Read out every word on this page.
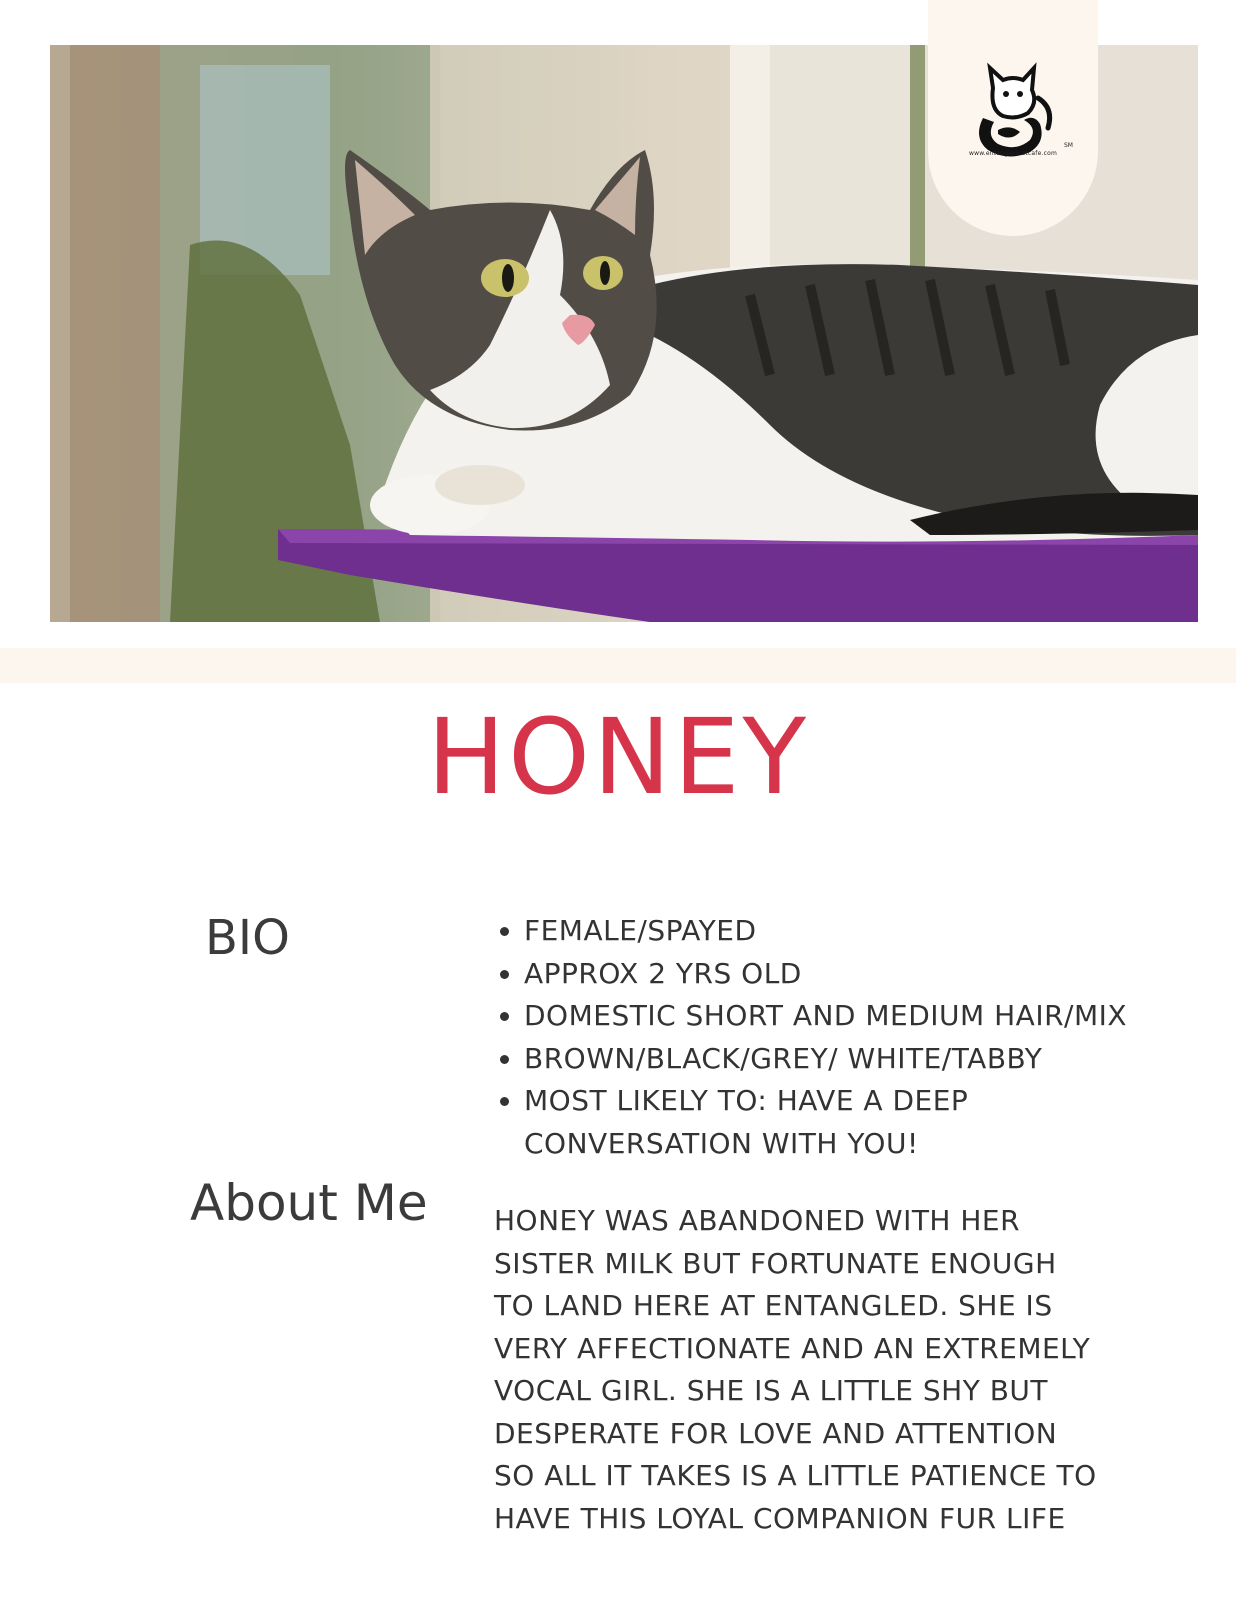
SM
www.entangledcatcafe.com
HONEY
BIO
•	FEMALE/SPAYED
• APPROX 2 YRS OLD
• DOMESTIC SHORT AND MEDIUM HAIR/MIX
• BROWN/BLACK/GREY/ WHITE/TABBY
• MOST LIKELY TO: HAVE A DEEP CONVERSATION WITH YOU!
About Me HONEY WAS ABANDONED WITH HER
SISTER MILK BUT FORTUNATE ENOUGH
TO LAND HERE AT ENTANGLED. SHE IS
VERY AFFECTIONATE AND AN EXTREMELY
VOCAL GIRL. SHE IS A LITTLE SHY BUT
DESPERATE FOR LOVE AND ATTENTION
SO ALL IT TAKES IS A LITTLE PATIENCE TO
HAVE THIS LOYAL COMPANION FUR LIFE
